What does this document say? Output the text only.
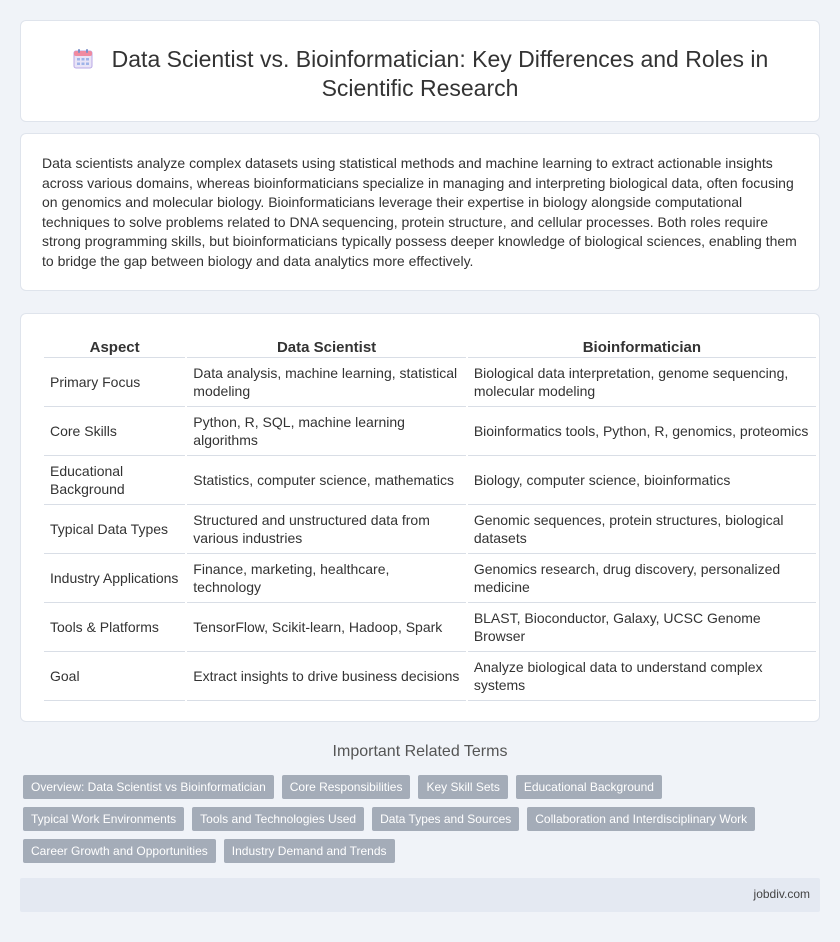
Data Scientist vs. Bioinformatician: Key Differences and Roles in Scientific Research

Data scientists analyze complex datasets using statistical methods and machine learning to extract actionable insights across various domains, whereas bioinformaticians specialize in managing and interpreting biological data, often focusing on genomics and molecular biology. Bioinformaticians leverage their expertise in biology alongside computational techniques to solve problems related to DNA sequencing, protein structure, and cellular processes. Both roles require strong programming skills, but bioinformaticians typically possess deeper knowledge of biological sciences, enabling them to bridge the gap between biology and data analytics more effectively.

Aspect	Data Scientist	Bioinformatician
Primary Focus	Data analysis, machine learning, statistical modeling	Biological data interpretation, genome sequencing, molecular modeling
Core Skills	Python, R, SQL, machine learning algorithms	Bioinformatics tools, Python, R, genomics, proteomics
Educational Background	Statistics, computer science, mathematics	Biology, computer science, bioinformatics
Typical Data Types	Structured and unstructured data from various industries	Genomic sequences, protein structures, biological datasets
Industry Applications	Finance, marketing, healthcare, technology	Genomics research, drug discovery, personalized medicine
Tools & Platforms	TensorFlow, Scikit-learn, Hadoop, Spark	BLAST, Bioconductor, Galaxy, UCSC Genome Browser
Goal	Extract insights to drive business decisions	Analyze biological data to understand complex systems
Important Related Terms
Overview: Data Scientist vs Bioinformatician	Core Responsibilities	Key Skill Sets	Educational Background
Typical Work Environments	Tools and Technologies Used	Data Types and Sources	Collaboration and Interdisciplinary Work
Career Growth and Opportunities	Industry Demand and Trends
jobdiv.com
